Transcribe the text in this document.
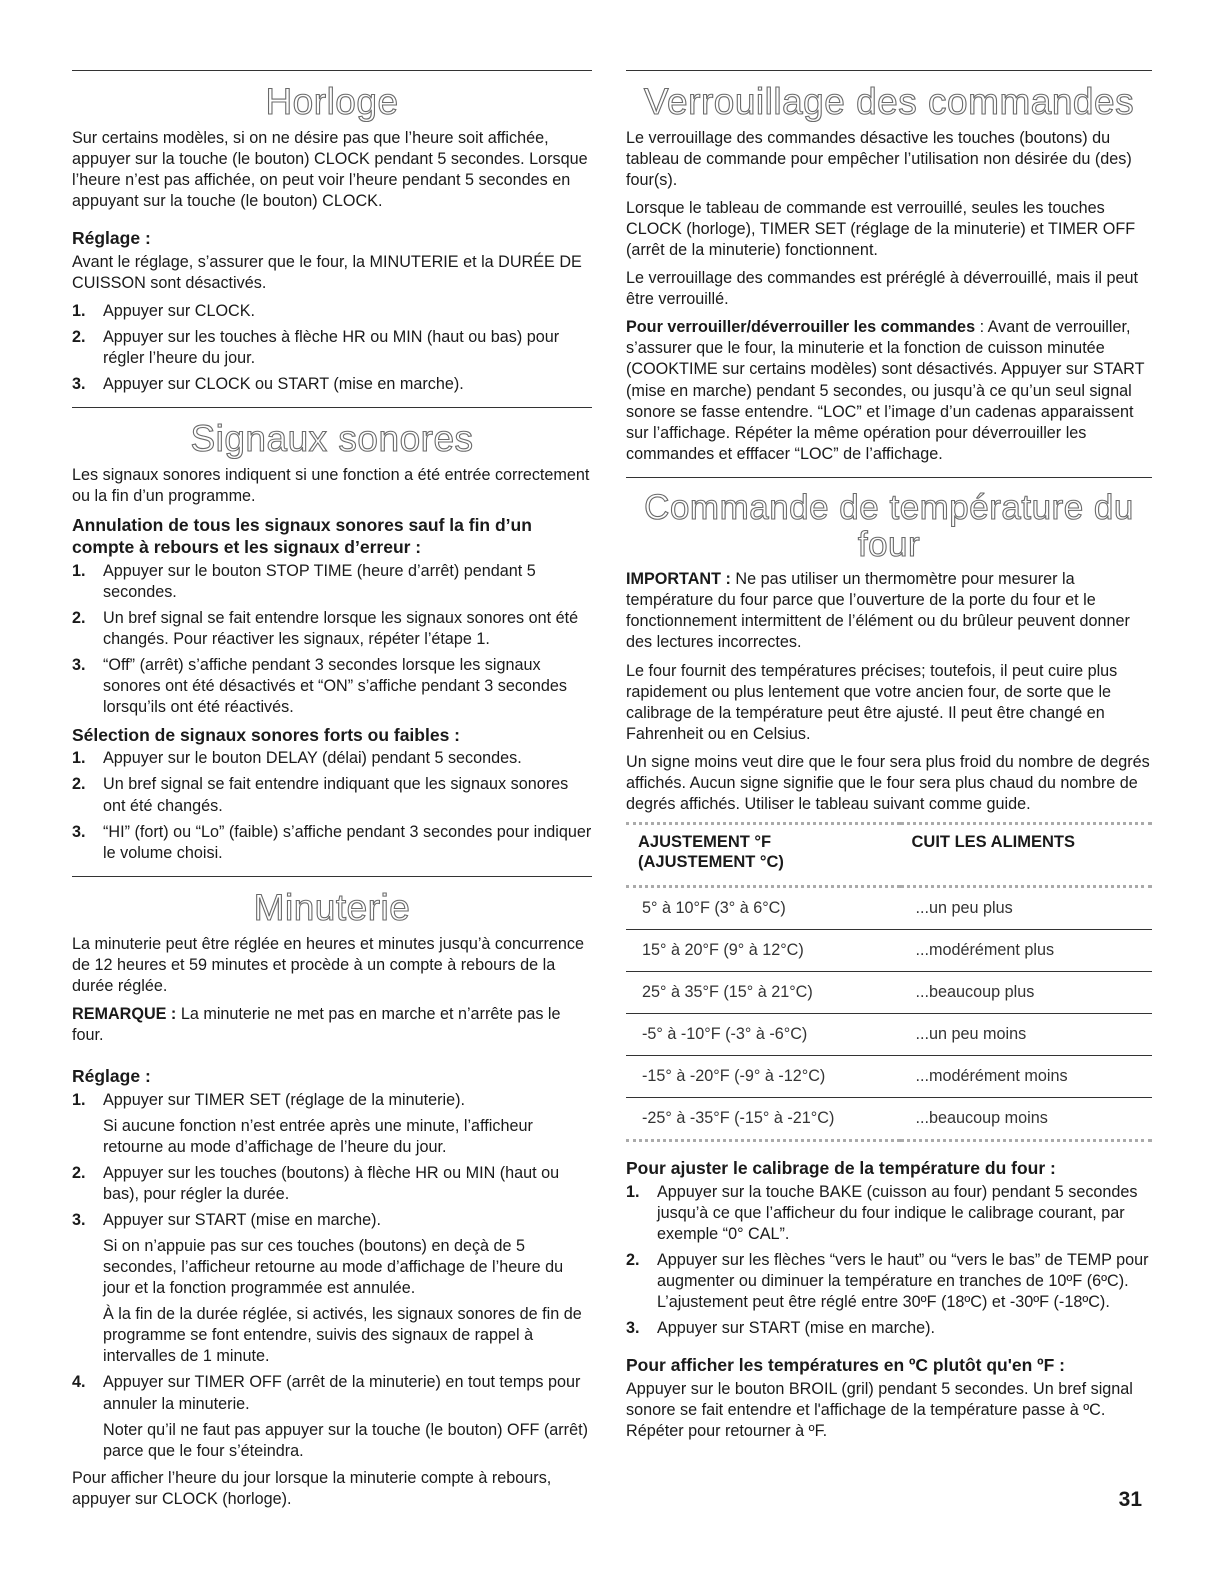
Horloge

Sur certains modèles, si on ne désire pas que l’heure soit affichée, appuyer sur la touche (le bouton) CLOCK pendant 5 secondes. Lorsque l’heure n’est pas affichée, on peut voir l’heure pendant 5 secondes en appuyant sur la touche (le bouton) CLOCK.

Réglage :

Avant le réglage, s’assurer que le four, la MINUTERIE et la DURÉE DE CUISSON sont désactivés.

1. Appuyer sur CLOCK.
2. Appuyer sur les touches à flèche HR ou MIN (haut ou bas) pour régler l’heure du jour.
3. Appuyer sur CLOCK ou START (mise en marche).
Signaux sonores

Les signaux sonores indiquent si une fonction a été entrée correctement ou la fin d’un programme.

Annulation de tous les signaux sonores sauf la fin d’un compte à rebours et les signaux d’erreur :
1. Appuyer sur le bouton STOP TIME (heure d’arrêt) pendant 5 secondes.
2. Un bref signal se fait entendre lorsque les signaux sonores ont été changés. Pour réactiver les signaux, répéter l’étape 1.
3. “Off” (arrêt) s’affiche pendant 3 secondes lorsque les signaux sonores ont été désactivés et “ON” s’affiche pendant 3 secondes lorsqu’ils ont été réactivés.
Sélection de signaux sonores forts ou faibles :
1. Appuyer sur le bouton DELAY (délai) pendant 5 secondes.
2. Un bref signal se fait entendre indiquant que les signaux sonores ont été changés.
3. “HI” (fort) ou “Lo” (faible) s’affiche pendant 3 secondes pour indiquer le volume choisi.
Minuterie

La minuterie peut être réglée en heures et minutes jusqu’à concurrence de 12 heures et 59 minutes et procède à un compte à rebours de la durée réglée.

REMARQUE : La minuterie ne met pas en marche et n’arrête pas le four.

Réglage :
1. Appuyer sur TIMER SET (réglage de la minuterie).

Si aucune fonction n’est entrée après une minute, l’afficheur retourne au mode d’affichage de l’heure du jour.

2. Appuyer sur les touches (boutons) à flèche HR ou MIN (haut ou bas), pour régler la durée.
3. Appuyer sur START (mise en marche).

Si on n’appuie pas sur ces touches (boutons) en deçà de 5 secondes, l’afficheur retourne au mode d’affichage de l’heure du jour et la fonction programmée est annulée.

À la fin de la durée réglée, si activés, les signaux sonores de fin de programme se font entendre, suivis des signaux de rappel à intervalles de 1 minute.

4. Appuyer sur TIMER OFF (arrêt de la minuterie) en tout temps pour annuler la minuterie.

Noter qu’il ne faut pas appuyer sur la touche (le bouton) OFF (arrêt) parce que le four s’éteindra.

Pour afficher l’heure du jour lorsque la minuterie compte à rebours, appuyer sur CLOCK (horloge).

Verrouillage des commandes

Le verrouillage des commandes désactive les touches (boutons) du tableau de commande pour empêcher l’utilisation non désirée du (des) four(s).

Lorsque le tableau de commande est verrouillé, seules les touches CLOCK (horloge), TIMER SET (réglage de la minuterie) et TIMER OFF (arrêt de la minuterie) fonctionnent.

Le verrouillage des commandes est préréglé à déverrouillé, mais il peut être verrouillé.

Pour verrouiller/déverrouiller les commandes : Avant de verrouiller, s’assurer que le four, la minuterie et la fonction de cuisson minutée (COOKTIME sur certains modèles) sont désactivés. Appuyer sur START (mise en marche) pendant 5 secondes, ou jusqu’à ce qu’un seul signal sonore se fasse entendre. “LOC” et l’image d’un cadenas apparaissent sur l’affichage. Répéter la même opération pour déverrouiller les commandes et efffacer “LOC” de l’affichage.

Commande de température du four

IMPORTANT : Ne pas utiliser un thermomètre pour mesurer la température du four parce que l’ouverture de la porte du four et le fonctionnement intermittent de l’élément ou du brûleur peuvent donner des lectures incorrectes.

Le four fournit des températures précises; toutefois, il peut cuire plus rapidement ou plus lentement que votre ancien four, de sorte que le calibrage de la température peut être ajusté. Il peut être changé en Fahrenheit ou en Celsius.

Un signe moins veut dire que le four sera plus froid du nombre de degrés affichés. Aucun signe signifie que le four sera plus chaud du nombre de degrés affichés. Utiliser le tableau suivant comme guide.

AJUSTEMENT °F
(AJUSTEMENT °C)	CUIT LES ALIMENTS
5° à 10°F (3° à 6°C)	...un peu plus
15° à 20°F (9° à 12°C)	...modérément plus
25° à 35°F (15° à 21°C)	...beaucoup plus
-5° à -10°F (-3° à -6°C)	...un peu moins
-15° à -20°F (-9° à -12°C)	...modérément moins
-25° à -35°F (-15° à -21°C)	...beaucoup moins
Pour ajuster le calibrage de la température du four :
1. Appuyer sur la touche BAKE (cuisson au four) pendant 5 secondes jusqu’à ce que l’afficheur du four indique le calibrage courant, par exemple “0° CAL”.
2. Appuyer sur les flèches “vers le haut” ou “vers le bas” de TEMP pour augmenter ou diminuer la température en tranches de 10ºF (6ºC). L’ajustement peut être réglé entre 30ºF (18ºC) et -30ºF (-18ºC).
3. Appuyer sur START (mise en marche).
Pour afficher les températures en ºC plutôt qu'en ºF :

Appuyer sur le bouton BROIL (gril) pendant 5 secondes. Un bref signal sonore se fait entendre et l'affichage de la température passe à ºC. Répéter pour retourner à ºF.

31
